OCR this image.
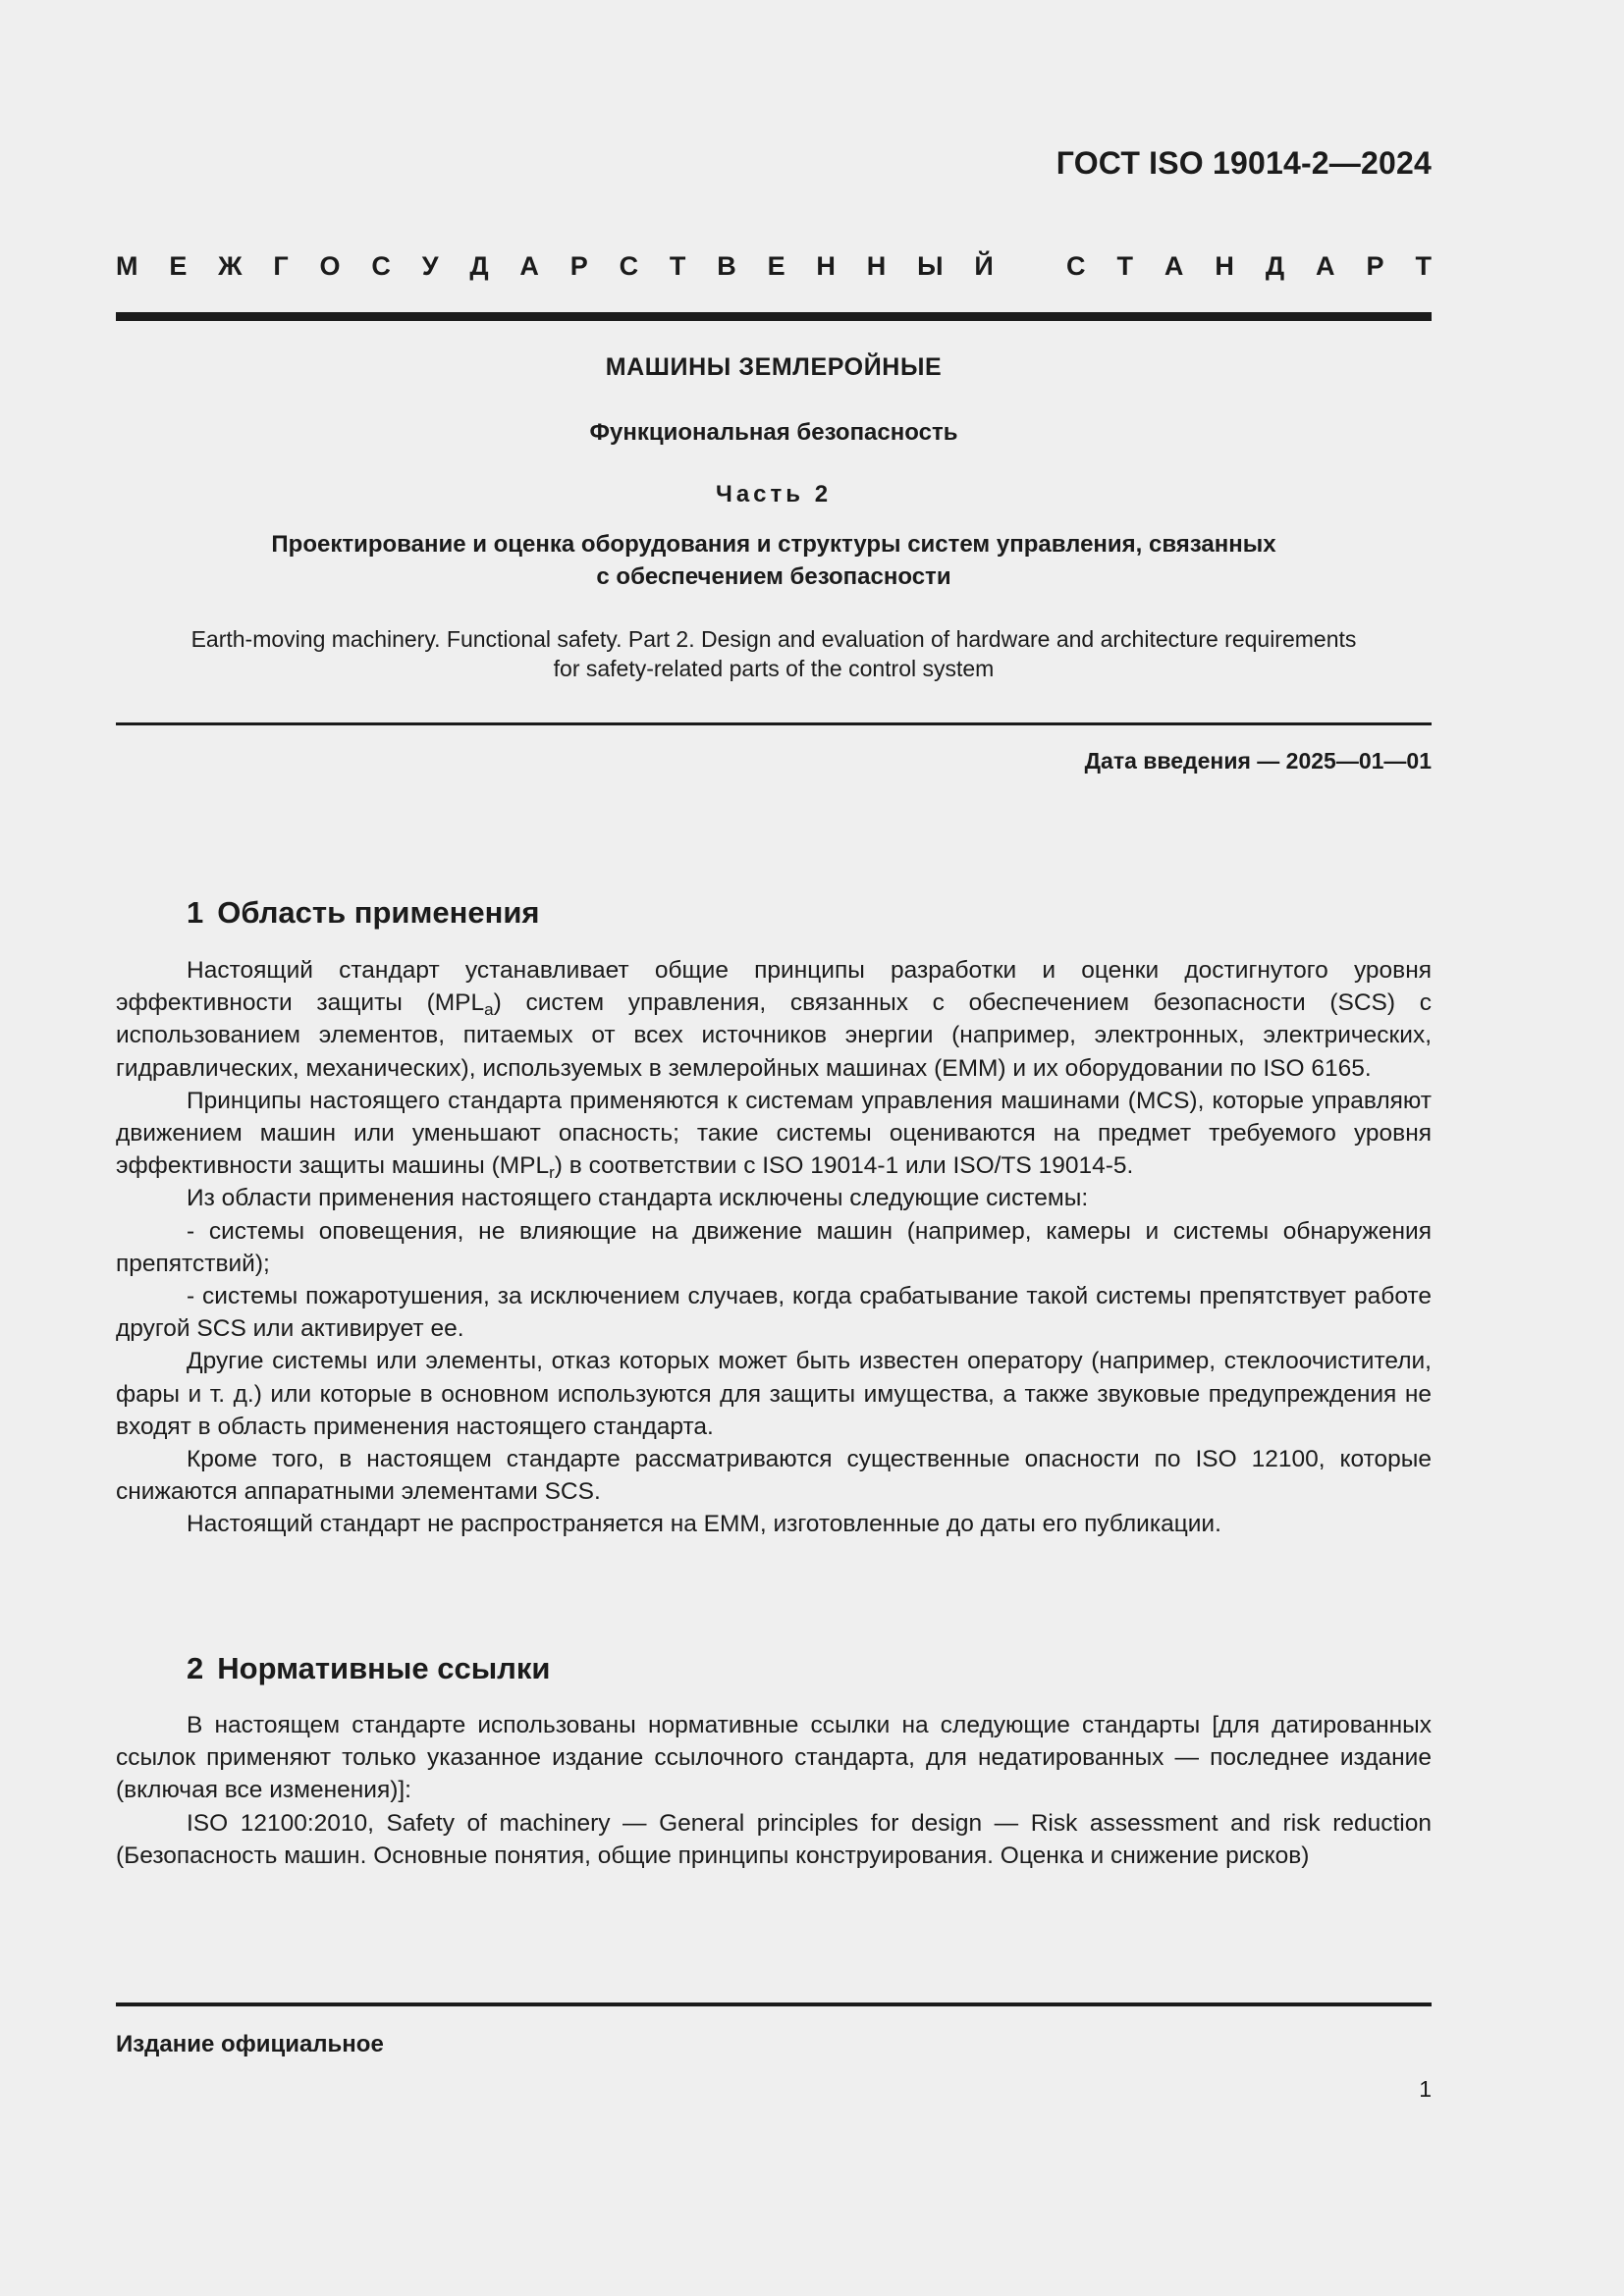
ГОСТ ISO 19014-2—2024
М Е Ж Г О С У Д А Р С Т В Е Н Н Ы Й	С Т А Н Д А Р Т
МАШИНЫ ЗЕМЛЕРОЙНЫЕ
Функциональная безопасность
Часть 2
Проектирование и оценка оборудования и структуры систем управления, связанных
с обеспечением безопасности
Earth-moving machinery. Functional safety. Part 2. Design and evaluation of hardware and architecture requirements
for safety-related parts of the control system
Дата введения — 2025—01—01
1 Область применения

Настоящий стандарт устанавливает общие принципы разработки и оценки достигнутого уровня эффективности защиты $(MPL_a)$ систем управления, связанных с обеспечением безопасности (SCS) с использованием элементов, питаемых от всех источников энергии (например, электронных, электрических, гидравлических, механических), используемых в землеройных машинах (ЕММ) и их оборудовании по ISO 6165.

Принципы настоящего стандарта применяются к системам управления машинами (MCS), которые управляют движением машин или уменьшают опасность; такие системы оцениваются на предмет требуемого уровня эффективности защиты машины $(MPL_r)$ в соответствии с ISO 19014-1 или ISO/TS 19014-5.

Из области применения настоящего стандарта исключены следующие системы:

- системы оповещения, не влияющие на движение машин (например, камеры и системы обнаружения препятствий);

- системы пожаротушения, за исключением случаев, когда срабатывание такой системы препятствует работе другой SCS или активирует ее.

Другие системы или элементы, отказ которых может быть известен оператору (например, стеклоочистители, фары и т. д.) или которые в основном используются для защиты имущества, а также звуковые предупреждения не входят в область применения настоящего стандарта.

Кроме того, в настоящем стандарте рассматриваются существенные опасности по ISO 12100, которые снижаются аппаратными элементами SCS.

Настоящий стандарт не распространяется на ЕММ, изготовленные до даты его публикации.

2 Нормативные ссылки

В настоящем стандарте использованы нормативные ссылки на следующие стандарты [для датированных ссылок применяют только указанное издание ссылочного стандарта, для недатированных — последнее издание (включая все изменения)]:

ISO 12100:2010, Safety of machinery — General principles for design — Risk assessment and risk reduction (Безопасность машин. Основные понятия, общие принципы конструирования. Оценка и снижение рисков)

Издание официальное
1
